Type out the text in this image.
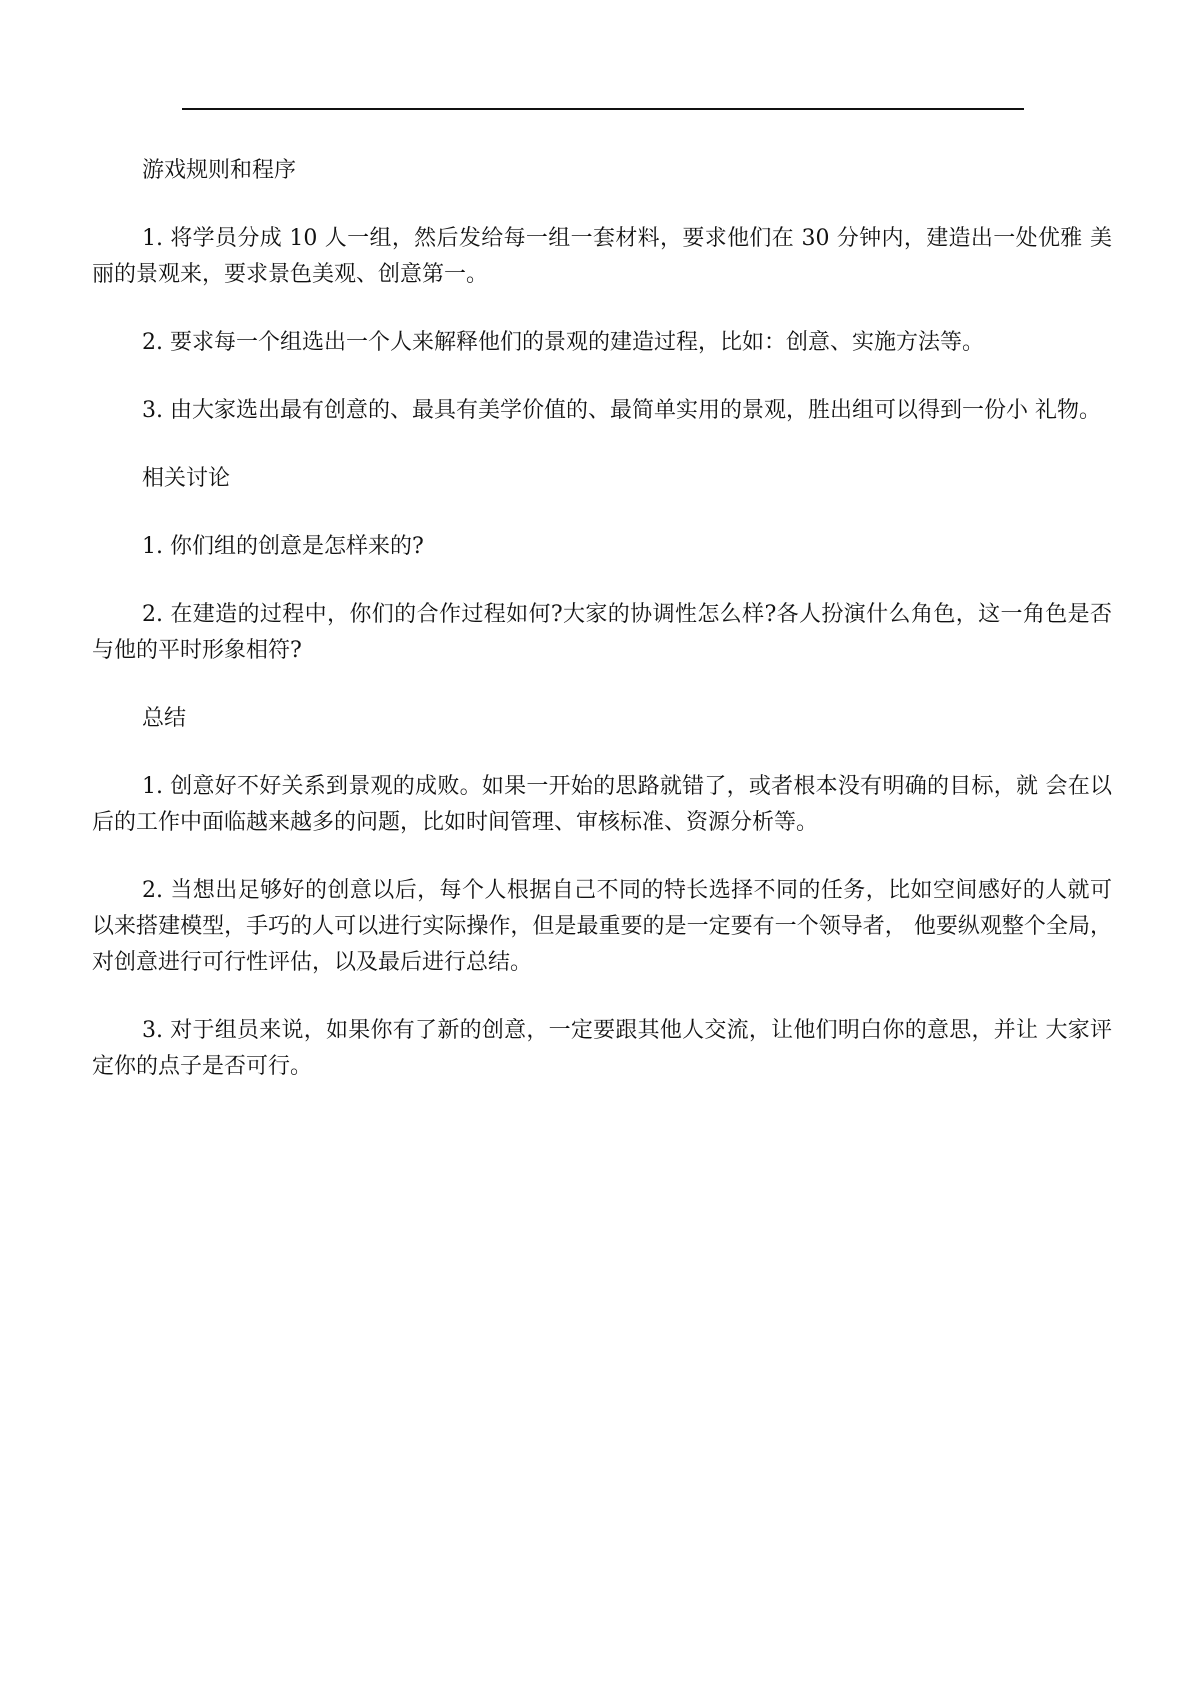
游戏规则和程序

1. 将学员分成 10 人一组，然后发给每一组一套材料，要求他们在 30 分钟内，建造出一处优雅 美丽的景观来，要求景色美观、创意第一。

2. 要求每一个组选出一个人来解释他们的景观的建造过程，比如：创意、实施方法等。

3. 由大家选出最有创意的、最具有美学价值的、最简单实用的景观，胜出组可以得到一份小 礼物。

相关讨论

1. 你们组的创意是怎样来的?

2. 在建造的过程中，你们的合作过程如何?大家的协调性怎么样?各人扮演什么角色，这一角色是否与他的平时形象相符?

总结

1. 创意好不好关系到景观的成败。如果一开始的思路就错了，或者根本没有明确的目标，就 会在以后的工作中面临越来越多的问题，比如时间管理、审核标准、资源分析等。

2. 当想出足够好的创意以后，每个人根据自己不同的特长选择不同的任务，比如空间感好的人就可以来搭建模型，手巧的人可以进行实际操作，但是最重要的是一定要有一个领导者， 他要纵观整个全局，对创意进行可行性评估，以及最后进行总结。

3. 对于组员来说，如果你有了新的创意，一定要跟其他人交流，让他们明白你的意思，并让 大家评定你的点子是否可行。
